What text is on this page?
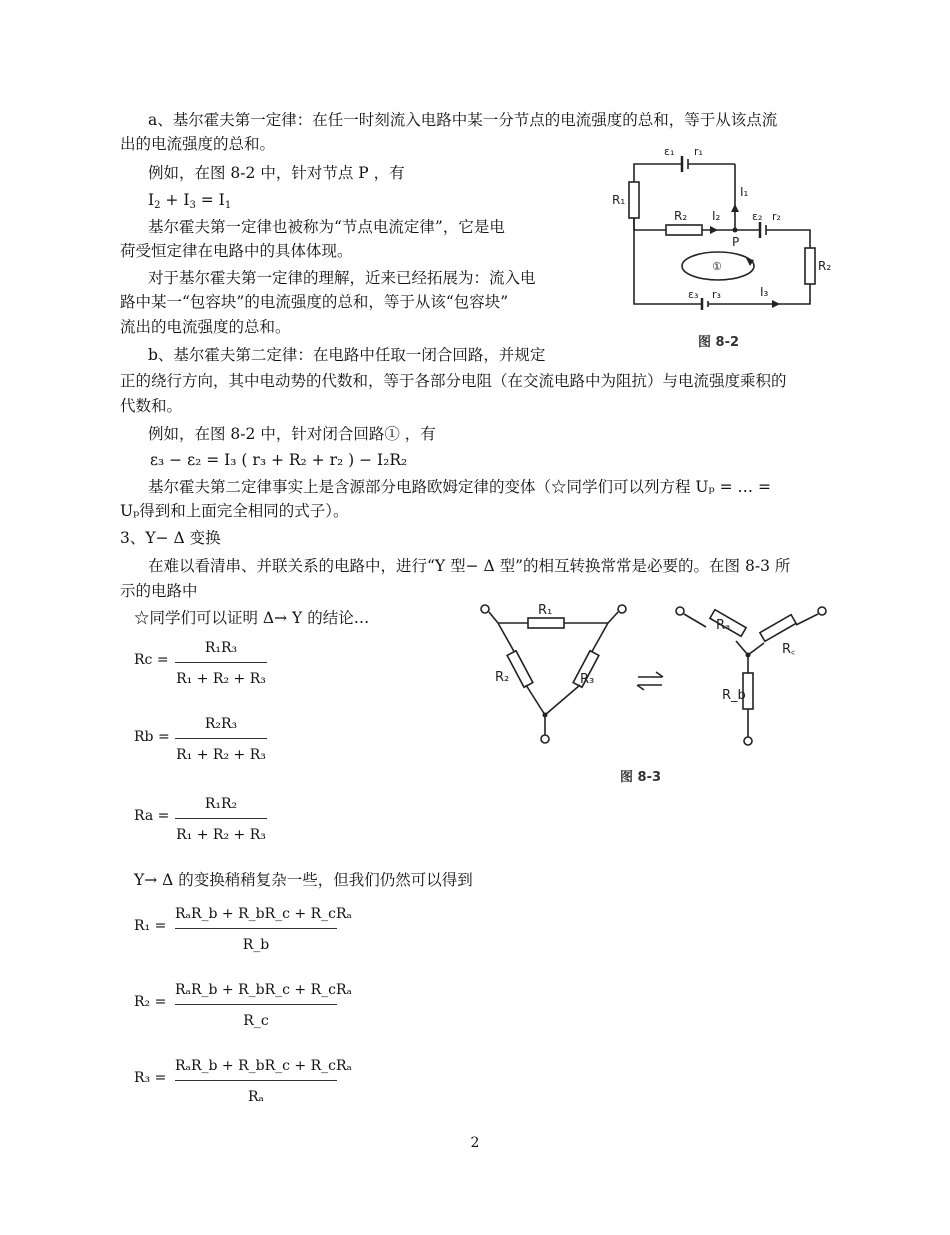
a、基尔霍夫第一定律：在任一时刻流入电路中某一分节点的电流强度的总和，等于从该点流
出的电流强度的总和。
例如，在图 8-2 中，针对节点 P ，有
$I_2 + I_3 = I_1$
基尔霍夫第一定律也被称为“节点电流定律”，它是电
荷受恒定律在电路中的具体体现。
对于基尔霍夫第一定律的理解，近来已经拓展为：流入电
路中某一“包容块”的电流强度的总和，等于从该“包容块”
流出的电流强度的总和。
b、基尔霍夫第二定律：在电路中任取一闭合回路，并规定
正的绕行方向，其中电动势的代数和，等于各部分电阻（在交流电路中为阻抗）与电流强度乘积的
代数和。
例如，在图 8-2 中，针对闭合回路① ，有
ε₃ − ε₂ = I₃ ( r₃ + R₂ + r₂ ) − I₂R₂
基尔霍夫第二定律事实上是含源部分电路欧姆定律的变体（☆同学们可以列方程 Uₚ = … =
Uₚ得到和上面完全相同的式子）。
3、Y− Δ 变换
在难以看清串、并联关系的电路中，进行“Y 型− Δ 型”的相互转换常常是必要的。在图 8-3 所
示的电路中
☆同学们可以证明 Δ→ Y 的结论…
$Rc = \frac{\text{R₁R₃}}{\text{R₁ + R₂ + R₃}}$
$Rb = \frac{\text{R₂R₃}}{\text{R₁ + R₂ + R₃}}$
$Ra = \frac{\text{R₁R₂}}{\text{R₁ + R₂ + R₃}}$
Y→ Δ 的变换稍稍复杂一些，但我们仍然可以得到
R₁ =
RₐR_b + R_bR_c + R_cRₐ
R_b
R₂ =
RₐR_b + R_bR_c + R_cRₐ
R_c
R₃ =
RₐR_b + R_bR_c + R_cRₐ
Rₐ
ε₁ r₁
R₁
I₁
R₂ I₂
P
ε₂ r₂
R₂
①
ε₃ r₃	I₃
图 8-2
R₁
R₂	R₃
Rₐ
R꜀
R_b
图 8-3
2
